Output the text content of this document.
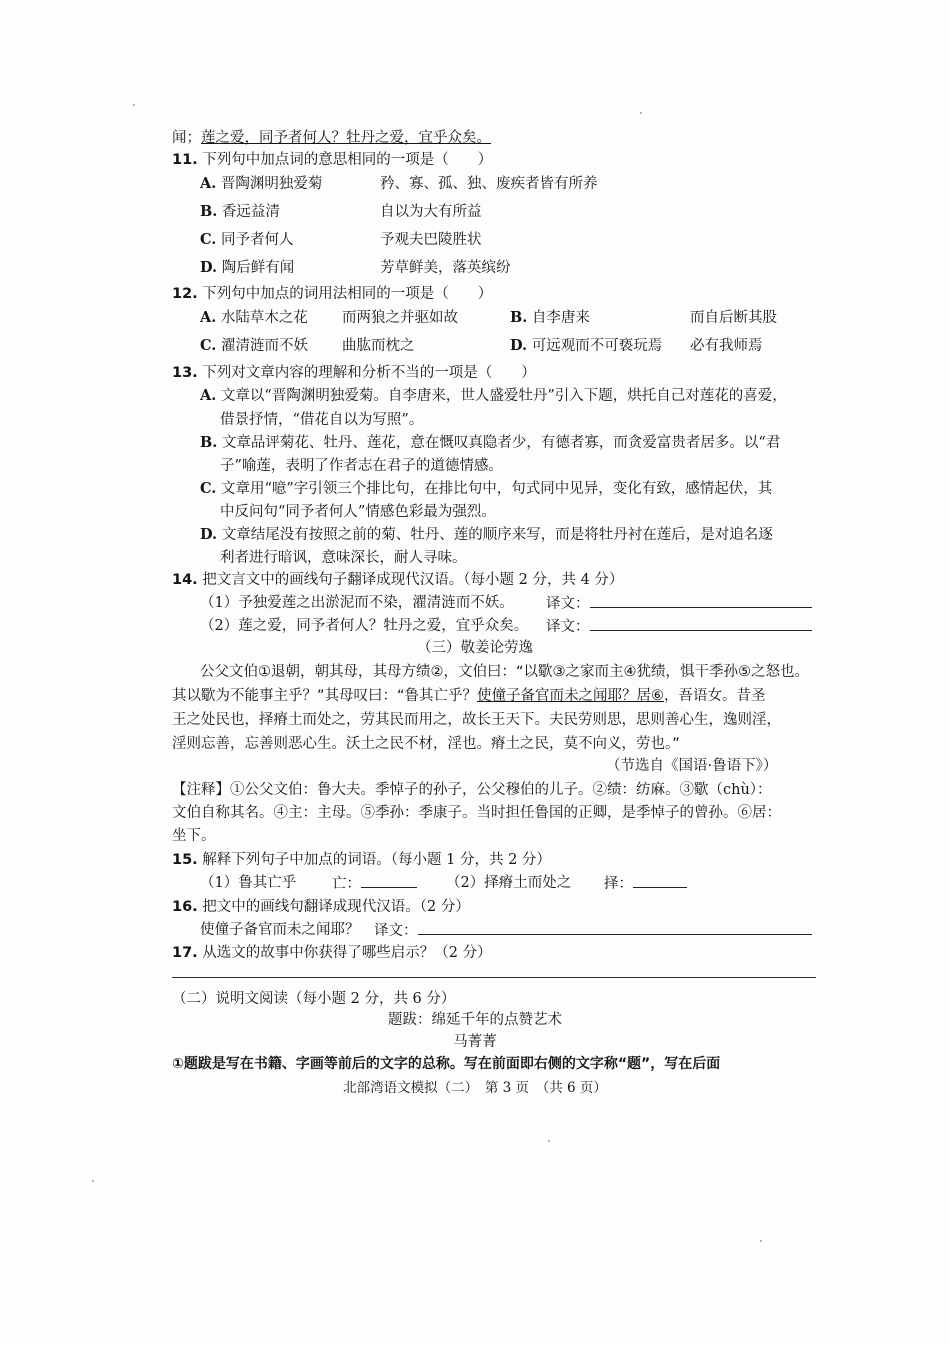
闻；莲之爱，同予者何人？牡丹之爱，宜乎众矣。
11. 下列句中加点词的意思相同的一项是（　　）
A. 晋陶渊明独爱菊	矜、寡、孤、独、废疾者皆有所养
B. 香远益清	自以为大有所益
C. 同予者何人	予观夫巴陵胜状
D. 陶后鲜有闻	芳草鲜美，落英缤纷
12. 下列句中加点的词用法相同的一项是（　　）
A. 水陆草木之花 而两狼之并驱如故	B. 自李唐来	而自后断其股
C. 濯清涟而不妖 曲肱而枕之	D. 可远观而不可亵玩焉 必有我师焉
13. 下列对文章内容的理解和分析不当的一项是（　　）
A. 文章以“晋陶渊明独爱菊。自李唐来，世人盛爱牡丹”引入下题，烘托自己对莲花的喜爱，
借景抒情，“借花自以为写照”。
B. 文章品评菊花、牡丹、莲花，意在慨叹真隐者少，有德者寡，而贪爱富贵者居多。以“君
子”喻莲，表明了作者志在君子的道德情感。
C. 文章用“噫”字引领三个排比句，在排比句中，句式同中见异，变化有致，感情起伏，其
中反问句“同予者何人”情感色彩最为强烈。
D. 文章结尾没有按照之前的菊、牡丹、莲的顺序来写，而是将牡丹衬在莲后，是对追名逐
利者进行暗讽，意味深长，耐人寻味。
14. 把文言文中的画线句子翻译成现代汉语。（每小题 2 分，共 4 分）
（1）予独爱莲之出淤泥而不染，濯清涟而不妖。 译文：
（2）莲之爱，同予者何人？牡丹之爱，宜乎众矣。 译文：
（三）敬姜论劳逸
公父文伯①退朝，朝其母，其母方绩②，文伯曰：“以歜③之家而主④犹绩，惧干季孙⑤之怒也。
其以歜为不能事主乎？”其母叹曰：“鲁其亡乎？使僮子备官而未之闻耶？居⑥，吾语女。昔圣
王之处民也，择瘠土而处之，劳其民而用之，故长王天下。夫民劳则思，思则善心生，逸则淫，
淫则忘善，忘善则恶心生。沃土之民不材，淫也。瘠土之民，莫不向义，劳也。”
（节选自《国语·鲁语下》）
【注释】①公父文伯：鲁大夫。季悼子的孙子，公父穆伯的儿子。②绩：纺麻。③歜（chù）：
文伯自称其名。④主：主母。⑤季孙：季康子。当时担任鲁国的正卿，是季悼子的曾孙。⑥居：
坐下。
15. 解释下列句子中加点的词语。（每小题 1 分，共 2 分）
（1）鲁其亡乎 亡：	（2）择瘠土而处之 择：
16. 把文中的画线句翻译成现代汉语。（2 分）
使僮子备官而未之闻耶？ 译文：
17. 从选文的故事中你获得了哪些启示？（2 分）
（二）说明文阅读（每小题 2 分，共 6 分）
题跋：绵延千年的点赞艺术
马菁菁
①题跋是写在书籍、字画等前后的文字的总称。写在前面即右侧的文字称“题”，写在后面
北部湾语文模拟（二）　第 3 页　（共 6 页）
